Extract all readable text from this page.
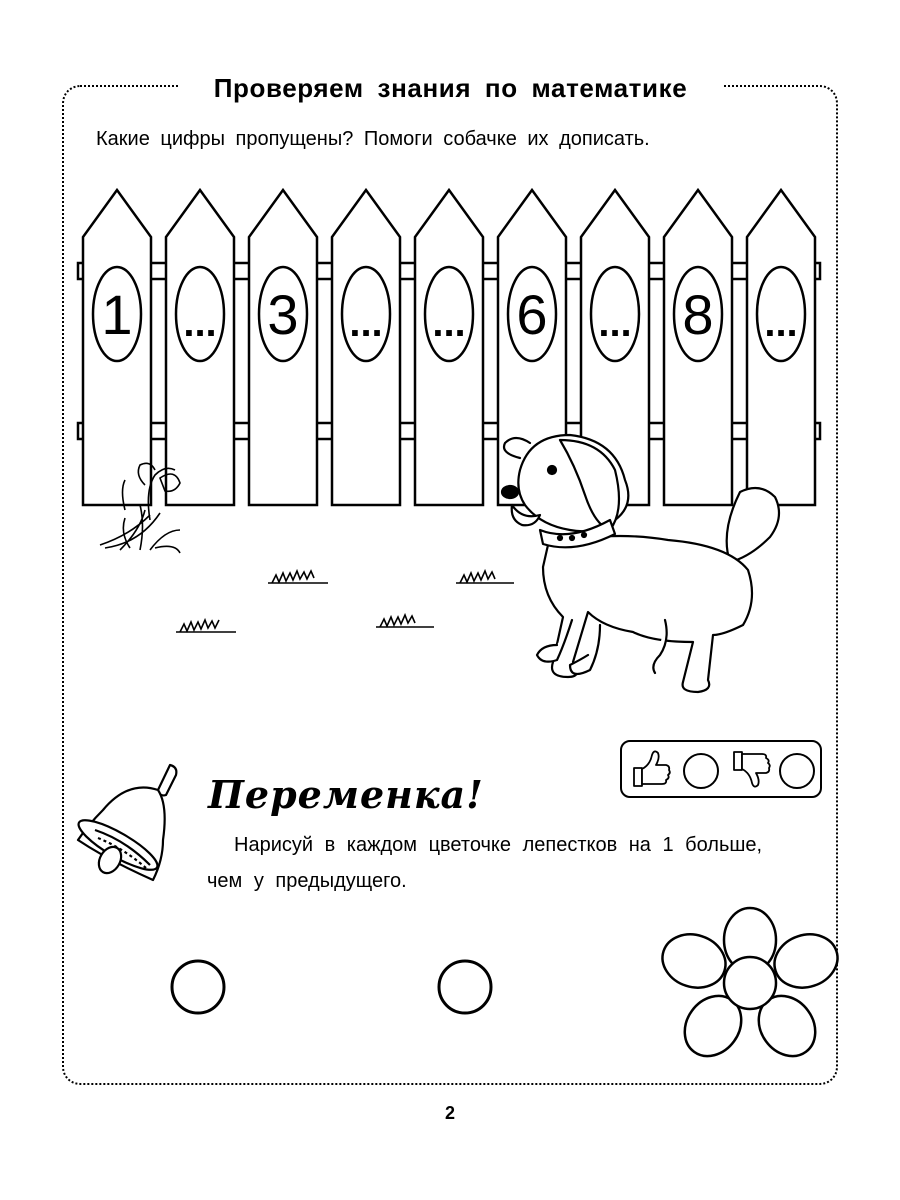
Проверяем знания по математике
Какие цифры пропущены? Помоги собачке их дописать.
1 ... 3 ... ... 6 ... 8 ...
Переменка!
Нарисуй в каждом цветочке лепестков на 1 больше,
чем у предыдущего.
2
